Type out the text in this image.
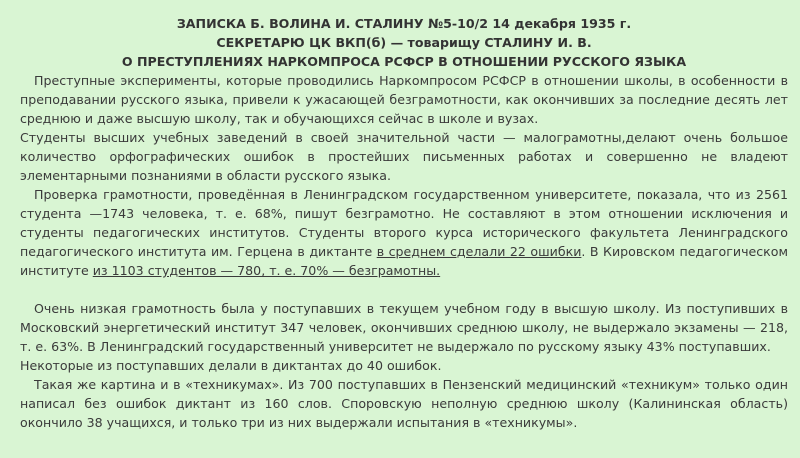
ЗАПИСКА Б. ВОЛИНА И. СТАЛИНУ №5-10/2 14 декабря 1935 г.
СЕКРЕТАРЮ ЦК ВКП(б) — товарищу СТАЛИНУ И. В.
О ПРЕСТУПЛЕНИЯХ НАРКОМПРОСА РСФСР В ОТНОШЕНИИ РУССКОГО ЯЗЫКА

Преступные эксперименты, которые проводились Наркомпросом РСФСР в отношении школы, в особенности в преподавании русского языка, привели к ужасающей безграмотности, как окончивших за последние десять лет среднюю и даже высшую школу, так и обучающихся сейчас в школе и вузах.

Студенты высших учебных заведений в своей значительной части — малограмотны,делают очень большое количество орфографических ошибок в простейших письменных работах и совершенно не владеют элементарными познаниями в области русского языка.

Проверка грамотности, проведённая в Ленинградском государственном университете, показала, что из 2561 студента —1743 человека, т. е. 68%, пишут безграмотно. Не составляют в этом отношении исключения и студенты педагогических институтов. Студенты второго курса исторического факультета Ленинградского педагогического института им. Герцена в диктанте в среднем сделали 22 ошибки. В Кировском педагогическом институте из 1103 студентов — 780, т. е. 70% — безграмотны.

Очень низкая грамотность была у поступавших в текущем учебном году в высшую школу. Из поступивших в Московский энергетический институт 347 человек, окончивших среднюю школу, не выдержало экзамены — 218, т. е. 63%. В Ленинградский государственный университет не выдержало по русскому языку 43% поступавших.

Некоторые из поступавших делали в диктантах до 40 ошибок.

Такая же картина и в «техникумах». Из 700 поступавших в Пензенский медицинский «техникум» только один написал без ошибок диктант из 160 слов. Споровскую неполную среднюю школу (Калининская область) окончило 38 учащихся, и только три из них выдержали испытания в «техникумы».
